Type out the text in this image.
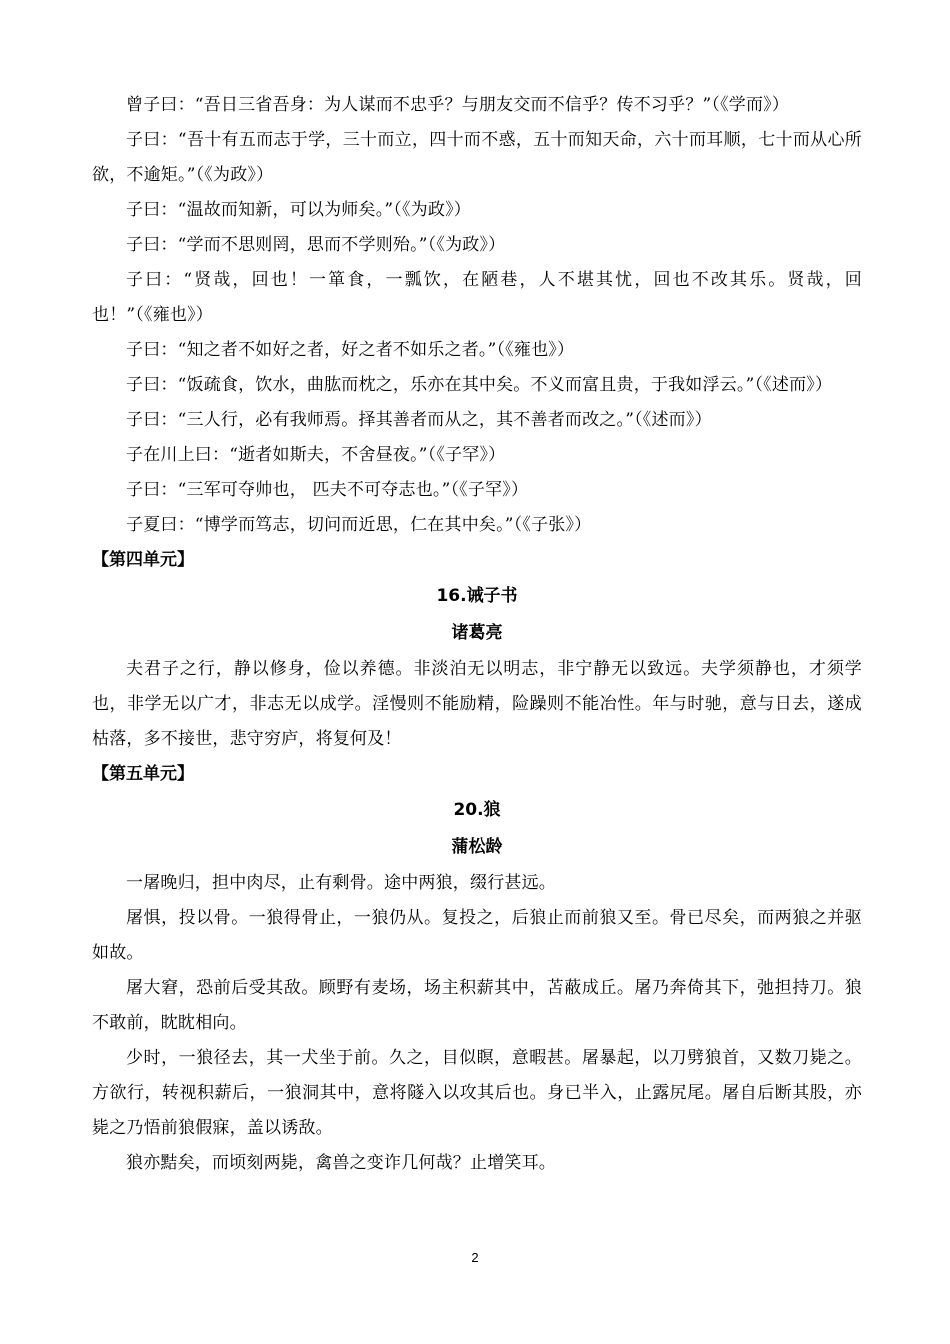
曾子曰：“吾日三省吾身：为人谋而不忠乎？与朋友交而不信乎？传不习乎？”（《学而》）

子曰：“吾十有五而志于学，三十而立，四十而不惑，五十而知天命，六十而耳顺，七十而从心所欲，不逾矩。”（《为政》）

子曰：“温故而知新，可以为师矣。”（《为政》）

子曰：“学而不思则罔，思而不学则殆。”（《为政》）

子曰：“贤哉，回也！一箪食，一瓢饮，在陋巷，人不堪其忧，回也不改其乐。贤哉，回也！”（《雍也》）

子曰：“知之者不如好之者，好之者不如乐之者。”（《雍也》）

子曰：“饭疏食，饮水，曲肱而枕之，乐亦在其中矣。不义而富且贵，于我如浮云。”（《述而》）

子曰：“三人行，必有我师焉。择其善者而从之，其不善者而改之。”（《述而》）

子在川上曰：“逝者如斯夫，不舍昼夜。”（《子罕》）

子曰：“三军可夺帅也， 匹夫不可夺志也。”（《子罕》）

子夏曰：“博学而笃志，切问而近思，仁在其中矣。”（《子张》）

【第四单元】

16.诫子书

诸葛亮

夫君子之行，静以修身，俭以养德。非淡泊无以明志，非宁静无以致远。夫学须静也，才须学也，非学无以广才，非志无以成学。淫慢则不能励精，险躁则不能冶性。年与时驰，意与日去，遂成枯落，多不接世，悲守穷庐，将复何及！

【第五单元】

20.狼

蒲松龄

一屠晚归，担中肉尽，止有剩骨。途中两狼，缀行甚远。

屠惧，投以骨。一狼得骨止，一狼仍从。复投之，后狼止而前狼又至。骨已尽矣，而两狼之并驱如故。

屠大窘，恐前后受其敌。顾野有麦场，场主积薪其中，苫蔽成丘。屠乃奔倚其下，弛担持刀。狼不敢前，眈眈相向。

少时，一狼径去，其一犬坐于前。久之，目似瞑，意暇甚。屠暴起，以刀劈狼首，又数刀毙之。方欲行，转视积薪后，一狼洞其中，意将隧入以攻其后也。身已半入，止露尻尾。屠自后断其股，亦毙之乃悟前狼假寐，盖以诱敌。

狼亦黠矣，而顷刻两毙，禽兽之变诈几何哉？止增笑耳。

2
